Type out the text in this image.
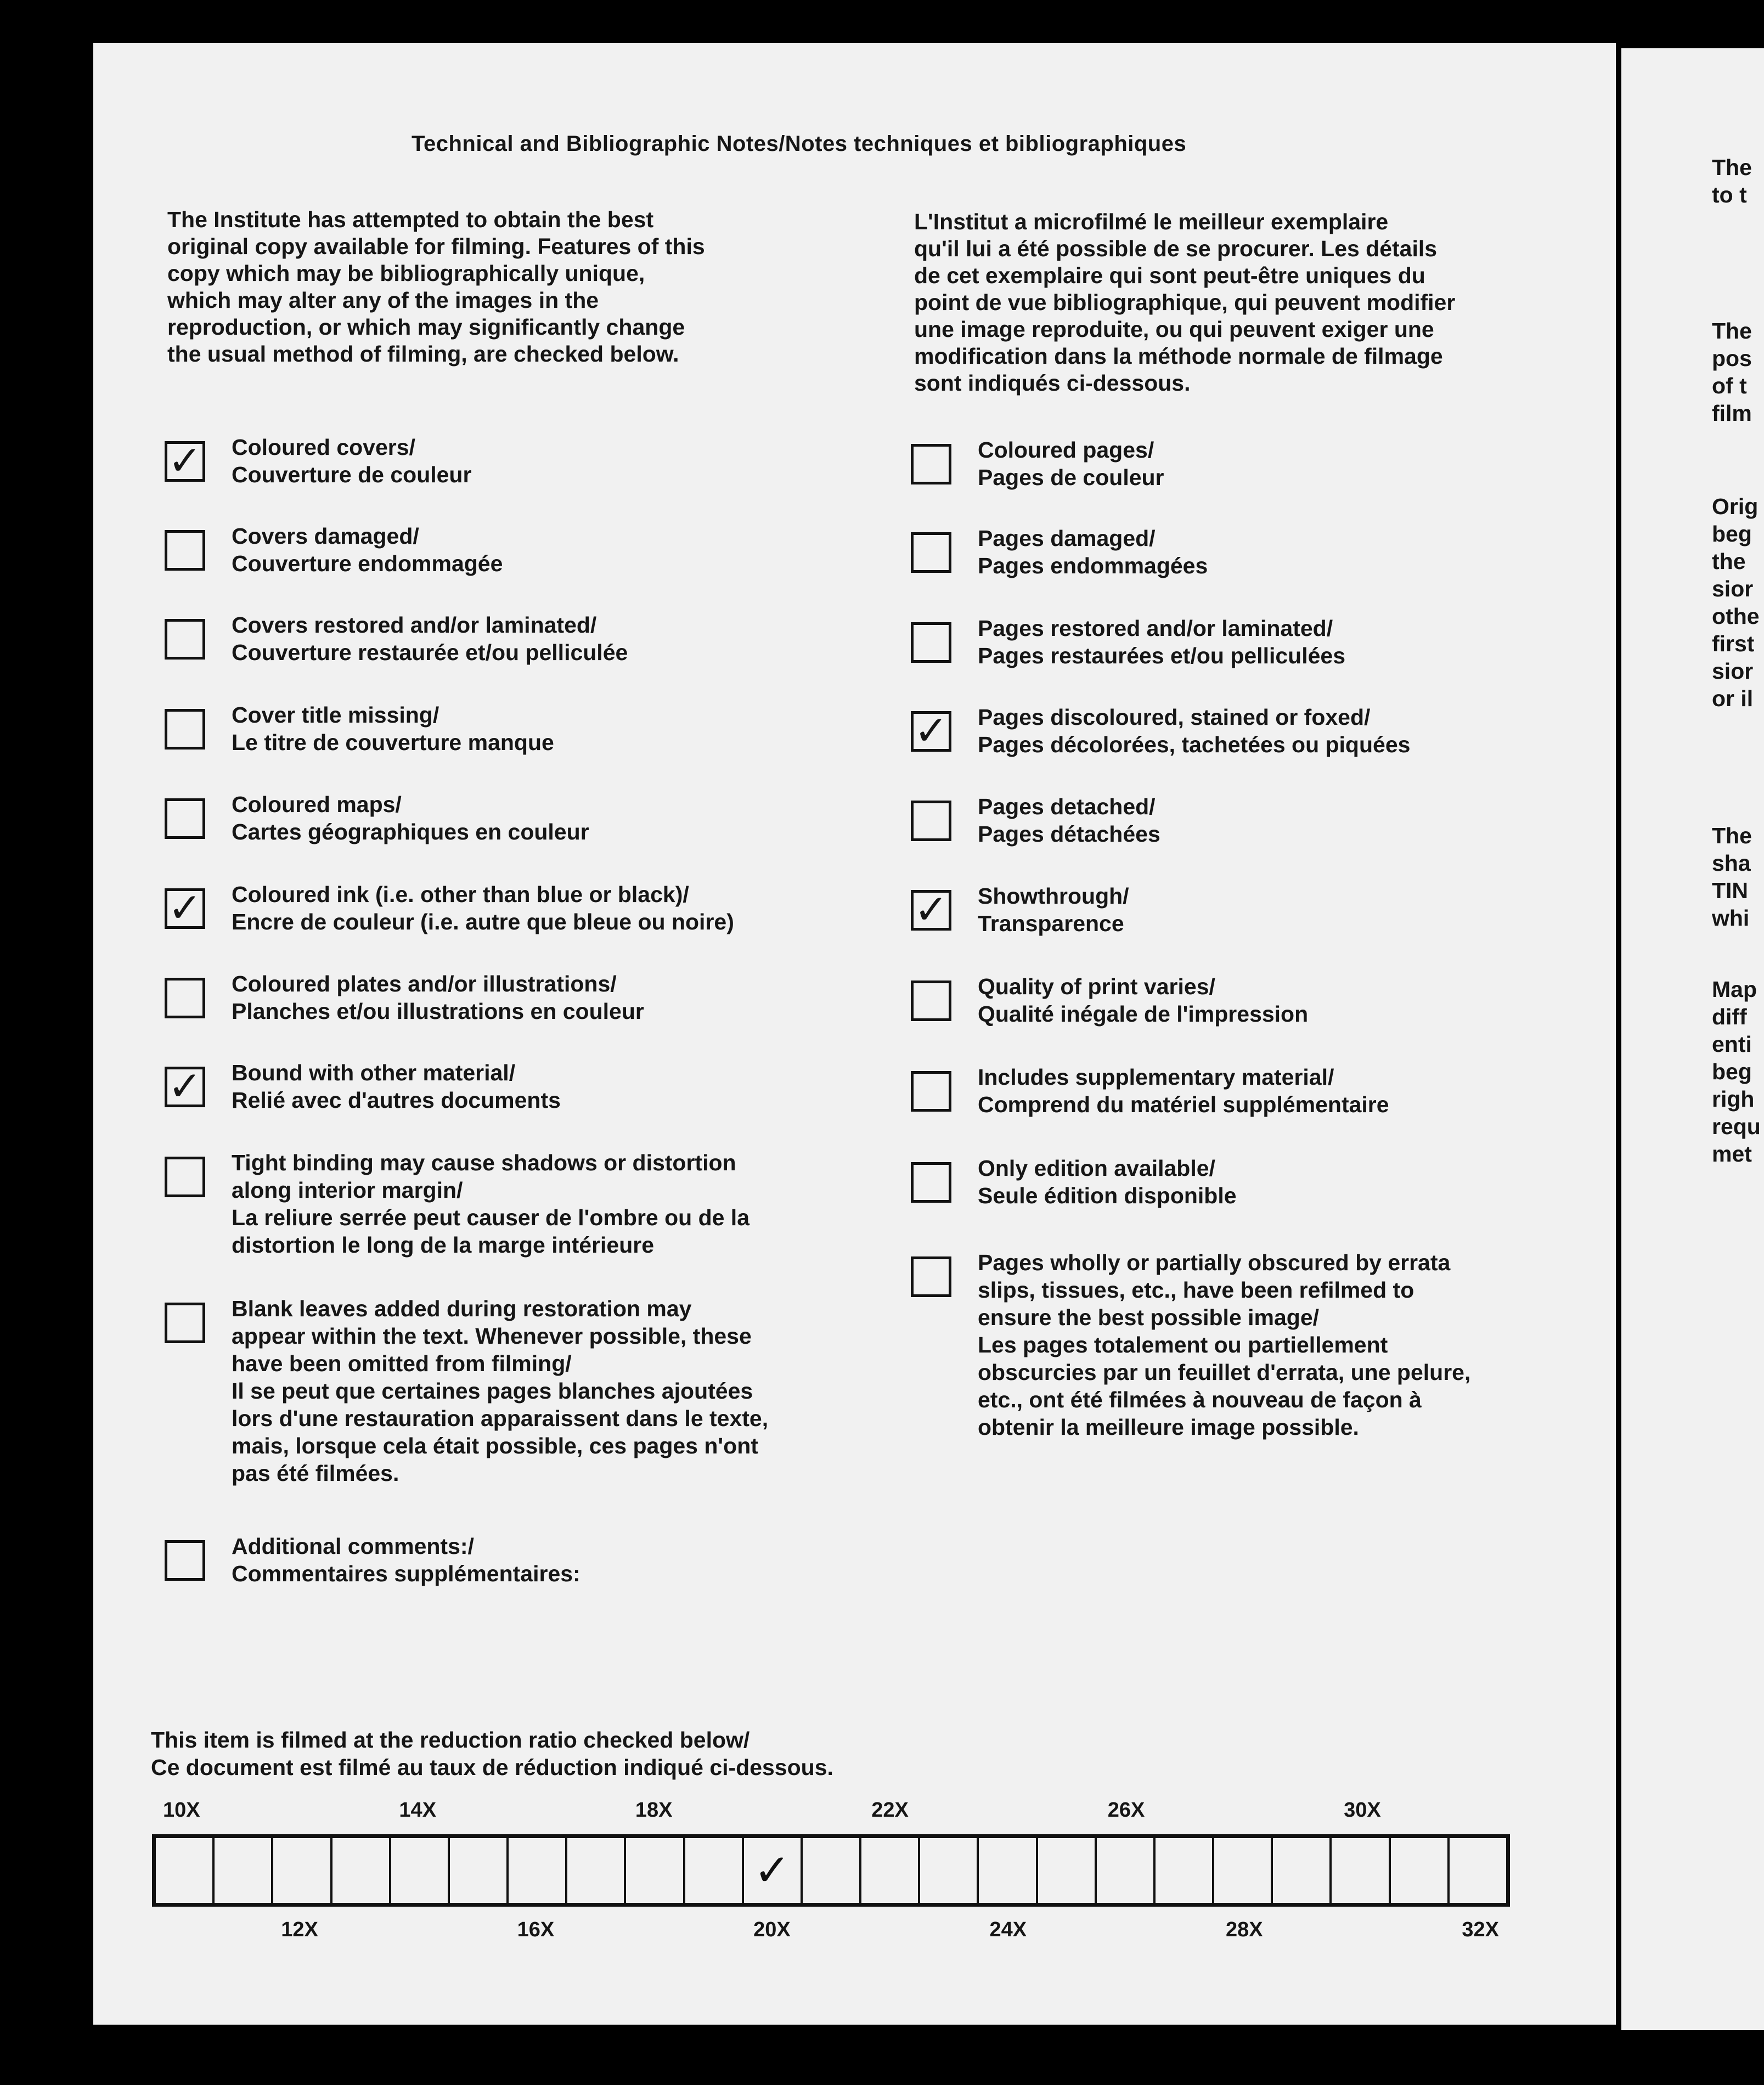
Technical and Bibliographic Notes/Notes techniques et bibliographiques
The Institute has attempted to obtain the best
original copy available for filming. Features of this
copy which may be bibliographically unique,
which may alter any of the images in the
reproduction, or which may significantly change
the usual method of filming, are checked below.
L'Institut a microfilmé le meilleur exemplaire
qu'il lui a été possible de se procurer. Les détails
de cet exemplaire qui sont peut-être uniques du
point de vue bibliographique, qui peuvent modifier
une image reproduite, ou qui peuvent exiger une
modification dans la méthode normale de filmage
sont indiqués ci-dessous.
✓ Coloured covers/
Couverture de couleur
Covers damaged/
Couverture endommagée
Covers restored and/or laminated/
Couverture restaurée et/ou pelliculée
Cover title missing/
Le titre de couverture manque
Coloured maps/
Cartes géographiques en couleur
✓ Coloured ink (i.e. other than blue or black)/
Encre de couleur (i.e. autre que bleue ou noire)
Coloured plates and/or illustrations/
Planches et/ou illustrations en couleur
✓ Bound with other material/
Relié avec d'autres documents
Tight binding may cause shadows or distortion
along interior margin/
La reliure serrée peut causer de l'ombre ou de la
distortion le long de la marge intérieure
Blank leaves added during restoration may
appear within the text. Whenever possible, these
have been omitted from filming/
Il se peut que certaines pages blanches ajoutées
lors d'une restauration apparaissent dans le texte,
mais, lorsque cela était possible, ces pages n'ont
pas été filmées.
Additional comments:/
Commentaires supplémentaires:
Coloured pages/
Pages de couleur
Pages damaged/
Pages endommagées
Pages restored and/or laminated/
Pages restaurées et/ou pelliculées
✓ Pages discoloured, stained or foxed/
Pages décolorées, tachetées ou piquées
Pages detached/
Pages détachées
✓ Showthrough/
Transparence
Quality of print varies/
Qualité inégale de l'impression
Includes supplementary material/
Comprend du matériel supplémentaire
Only edition available/
Seule édition disponible
Pages wholly or partially obscured by errata
slips, tissues, etc., have been refilmed to
ensure the best possible image/
Les pages totalement ou partiellement
obscurcies par un feuillet d'errata, une pelure,
etc., ont été filmées à nouveau de façon à
obtenir la meilleure image possible.
This item is filmed at the reduction ratio checked below/
Ce document est filmé au taux de réduction indiqué ci-dessous.
10X	14X	18X	22X	26X	30X
✓
12X	16X	20X	24X	28X	32X
The
to t
The
pos
of t
film
Orig
beg
the
sior
othe
first
sior
or il
The
sha
TIN
whi
Map
diff
enti
beg
righ
requ
met
